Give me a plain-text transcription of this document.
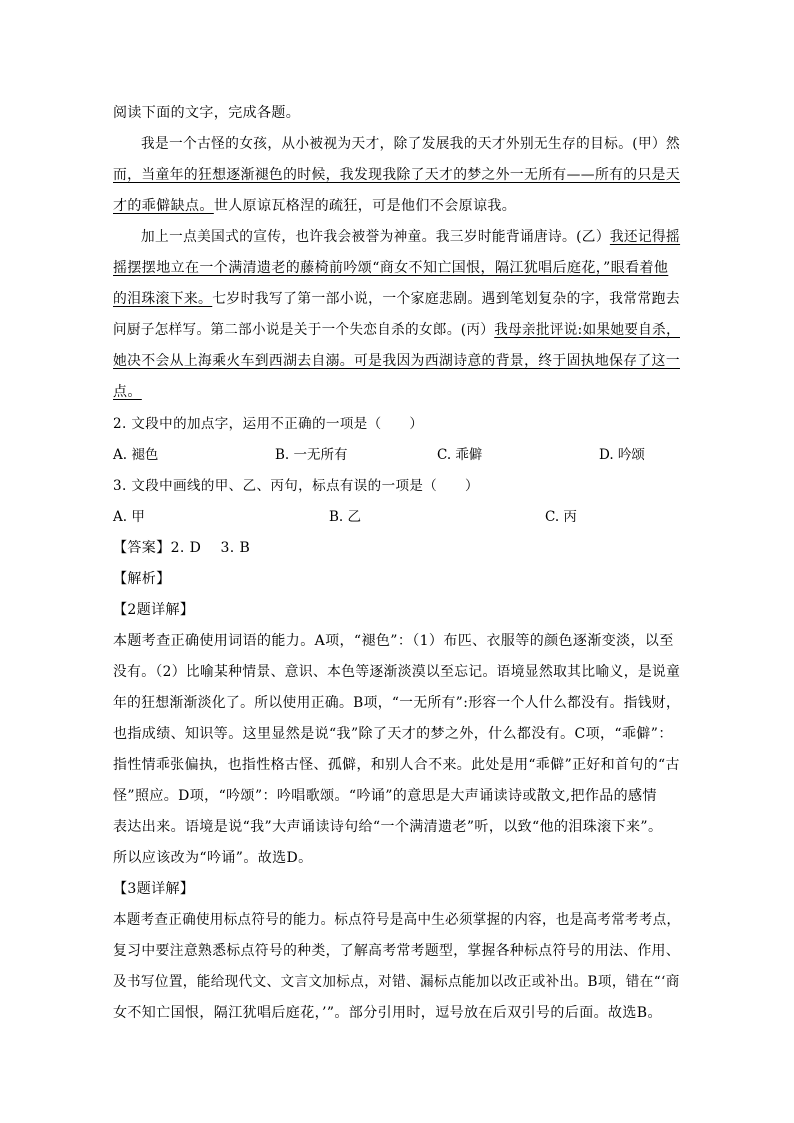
阅读下面的文字，完成各题。
我是一个古怪的女孩，从小被视为天才，除了发展我的天才外别无生存的目标。(甲）然
而，当童年的狂想逐渐褪色的时候，我发现我除了天才的梦之外一无所有——所有的只是天
才的乖僻缺点。世人原谅瓦格涅的疏狂，可是他们不会原谅我。
加上一点美国式的宣传，也许我会被誉为神童。我三岁时能背诵唐诗。(乙）我还记得摇
摇摆摆地立在一个满清遗老的藤椅前吟颂“商女不知亡国恨，隔江犹唱后庭花，”眼看着他
的泪珠滚下来。七岁时我写了第一部小说，一个家庭悲剧。遇到笔划复杂的字，我常常跑去
问厨子怎样写。第二部小说是关于一个失恋自杀的女郎。(丙）我母亲批评说:如果她要自杀，
她决不会从上海乘火车到西湖去自溺。可是我因为西湖诗意的背景，终于固执地保存了这一
点。
2. 文段中的加点字，运用不正确的一项是（　　）
A. 褪色	B. 一无所有	C. 乖僻	D. 吟颂
3. 文段中画线的甲、乙、丙句，标点有误的一项是（　　）
A. 甲	B. 乙	C. 丙
【答案】2. D　 3. B
【解析】
【2题详解】
本题考查正确使用词语的能力。A项，“褪色”：（1）布匹、衣服等的颜色逐渐变淡，以至
没有。（2）比喻某种情景、意识、本色等逐渐淡漠以至忘记。语境显然取其比喻义，是说童
年的狂想渐渐淡化了。所以使用正确。B项，“一无所有”:形容一个人什么都没有。指钱财，
也指成绩、知识等。这里显然是说“我”除了天才的梦之外，什么都没有。C项，“乖僻”：
指性情乖张偏执，也指性格古怪、孤僻，和别人合不来。此处是用“乖僻”正好和首句的“古
怪”照应。D项，“吟颂”：吟唱歌颂。“吟诵”的意思是大声诵读诗或散文,把作品的感情
表达出来。语境是说“我”大声诵读诗句给“一个满清遗老”听，以致“他的泪珠滚下来”。
所以应该改为“吟诵”。故选D。
【3题详解】
本题考查正确使用标点符号的能力。标点符号是高中生必须掌握的内容，也是高考常考考点，
复习中要注意熟悉标点符号的种类，了解高考常考题型，掌握各种标点符号的用法、作用、
及书写位置，能给现代文、文言文加标点，对错、漏标点能加以改正或补出。B项，错在“‘商
女不知亡国恨，隔江犹唱后庭花，’”。部分引用时，逗号放在后双引号的后面。故选B。
